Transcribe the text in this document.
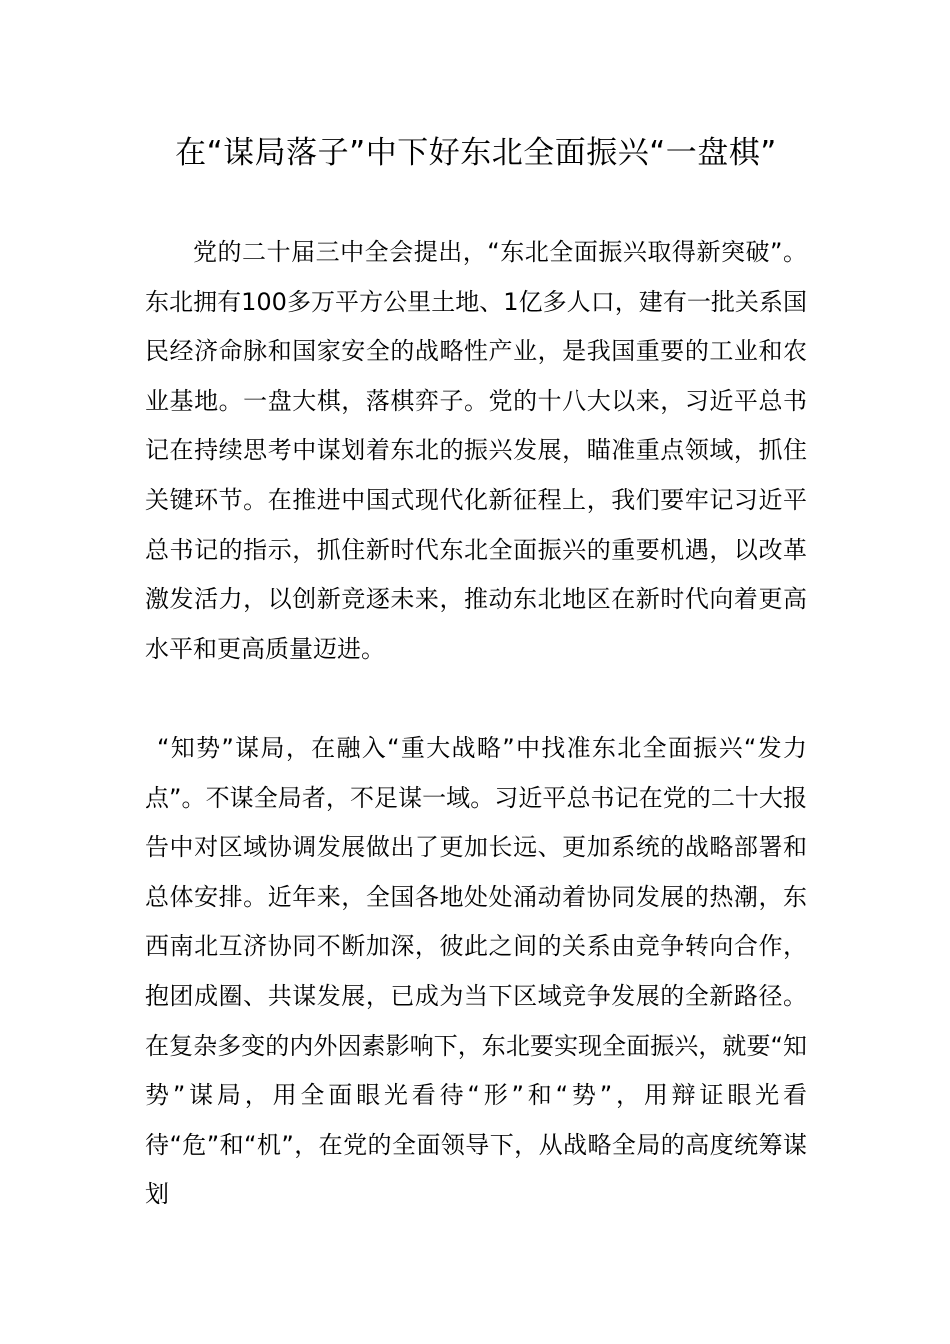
在“谋局落子”中下好东北全面振兴“一盘棋”

党的二十届三中全会提出，“东北全面振兴取得新突破”。东北拥有100多万平方公里土地、1亿多人口，建有一批关系国民经济命脉和国家安全的战略性产业，是我国重要的工业和农业基地。一盘大棋，落棋弈子。党的十八大以来，习近平总书记在持续思考中谋划着东北的振兴发展，瞄准重点领域，抓住关键环节。在推进中国式现代化新征程上，我们要牢记习近平总书记的指示，抓住新时代东北全面振兴的重要机遇，以改革激发活力，以创新竞逐未来，推动东北地区在新时代向着更高水平和更高质量迈进。

“知势”谋局，在融入“重大战略”中找准东北全面振兴“发力点”。不谋全局者，不足谋一域。习近平总书记在党的二十大报告中对区域协调发展做出了更加长远、更加系统的战略部署和总体安排。近年来，全国各地处处涌动着协同发展的热潮，东西南北互济协同不断加深，彼此之间的关系由竞争转向合作，抱团成圈、共谋发展，已成为当下区域竞争发展的全新路径。在复杂多变的内外因素影响下，东北要实现全面振兴，就要“知势”谋局，用全面眼光看待“形”和“势”，用辩证眼光看待“危”和“机”，在党的全面领导下，从战略全局的高度统筹谋划
